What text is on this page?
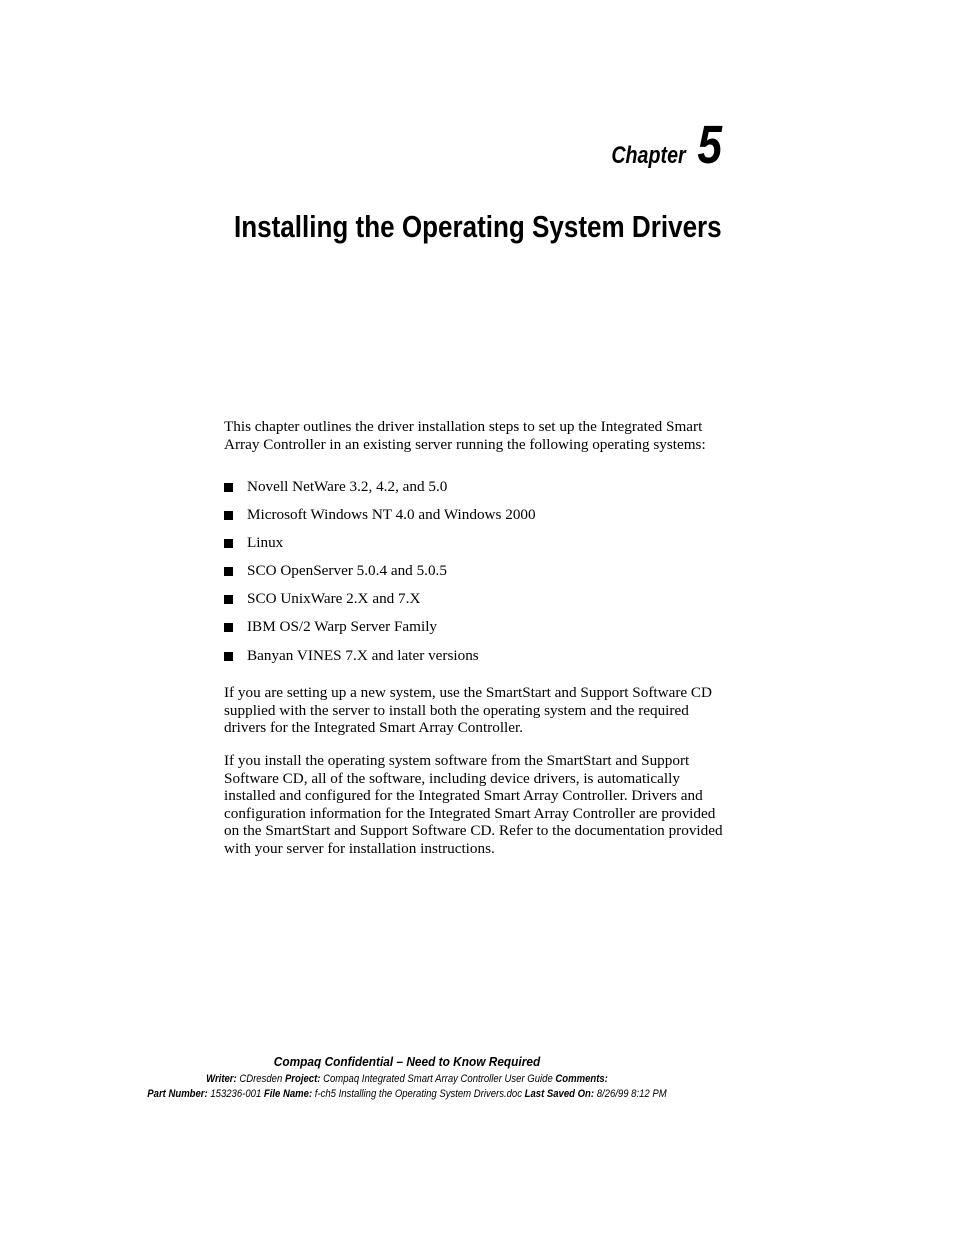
Chapter 5
Installing the Operating System Drivers

This chapter outlines the driver installation steps to set up the Integrated Smart Array Controller in an existing server running the following operating systems:

Novell NetWare 3.2, 4.2, and 5.0
Microsoft Windows NT 4.0 and Windows 2000
Linux
SCO OpenServer 5.0.4 and 5.0.5
SCO UnixWare 2.X and 7.X
IBM OS/2 Warp Server Family
Banyan VINES 7.X and later versions

If you are setting up a new system, use the SmartStart and Support Software CD supplied with the server to install both the operating system and the required drivers for the Integrated Smart Array Controller.

If you install the operating system software from the SmartStart and Support Software CD, all of the software, including device drivers, is automatically installed and configured for the Integrated Smart Array Controller. Drivers and configuration information for the Integrated Smart Array Controller are provided on the SmartStart and Support Software CD. Refer to the documentation provided with your server for installation instructions.

Compaq Confidential – Need to Know Required
Writer: CDresden Project: Compaq Integrated Smart Array Controller User Guide Comments:
Part Number: 153236-001 File Name: f-ch5 Installing the Operating System Drivers.doc Last Saved On: 8/26/99 8:12 PM
